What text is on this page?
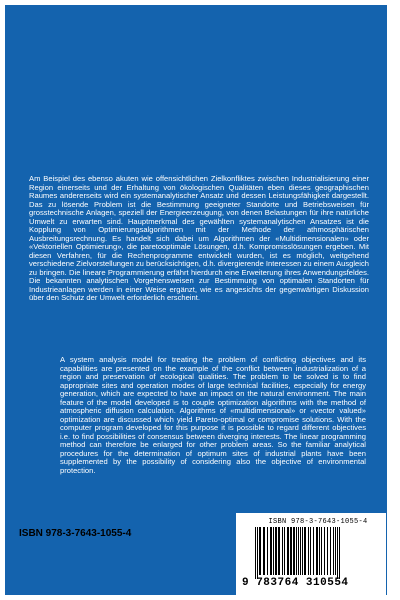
Am Beispiel des ebenso akuten wie offensichtlichen Zielkonfliktes zwischen Industrialisierung einer Region einerseits und der Erhaltung von ökologischen Qualitäten eben dieses geographischen Raumes andererseits wird ein systemanalytischer Ansatz und dessen Leistungsfähigkeit dargestellt. Das zu lösende Problem ist die Bestimmung geeigneter Standorte und Betriebsweisen für grosstechnische Anlagen, speziell der Energieerzeugung, von denen Belastungen für ihre natürliche Umwelt zu erwarten sind. Hauptmerkmal des gewählten systemanalytischen Ansatzes ist die Kopplung von Optimierungsalgorithmen mit der Methode der athmosphärischen Ausbreitungsrechnung. Es handelt sich dabei um Algorithmen der «Multidimensionalen» oder «Vektoriellen Optimierung», die paretooptimale Lösungen, d.h. Kompromisslösungen ergeben. Mit diesen Verfahren, für die Rechenprogramme entwickelt wurden, ist es möglich, weitgehend verschiedene Zielvorstellungen zu berücksichtigen, d.h. divergierende Interessen zu einem Ausgleich zu bringen. Die lineare Programmierung erfährt hierdurch eine Erweiterung ihres Anwendungsfeldes. Die bekannten analytischen Vorgehensweisen zur Bestimmung von optimalen Standorten für Industrieanlagen werden in einer Weise ergänzt, wie es angesichts der gegenwärtigen Diskussion über den Schutz der Umwelt erforderlich erscheint.

A system analysis model for treating the problem of conflicting objectives and its capabilities are presented on the example of the conflict between industrialization of a region and preservation of ecological qualities. The problem to be solved is to find appropriate sites and operation modes of large technical facilities, especially for energy generation, which are expected to have an impact on the natural environment. The main feature of the model developed is to couple optimization algorithms with the method of atmospheric diffusion calculation. Algorithms of «multidimensional» or «vector valued» optimization are discussed which yield Pareto-optimal or compromise solutions. With the computer program developed for this purpose it is possible to regard different objectives i.e. to find possibilities of consensus between diverging interests. The linear programming method can therefore be enlarged for other problem areas. So the familiar analytical procedures for the determination of optimum sites of industrial plants have been supplemented by the possibility of considering also the objective of environmental protection.

ISBN 978-3-7643-1055-4
ISBN 978-3-7643-1055-4
9 783764 310554
